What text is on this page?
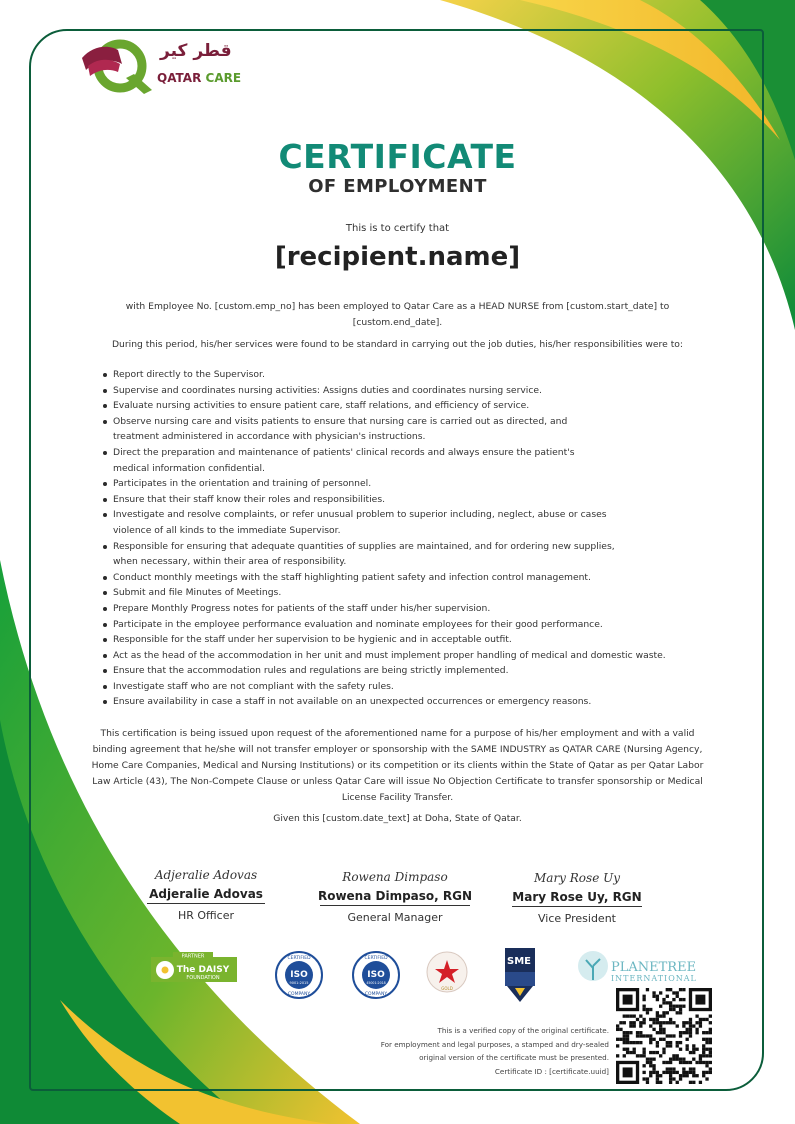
قطر كير
QATAR CARE
CERTIFICATE
OF EMPLOYMENT
This is to certify that
[recipient.name]
with Employee No. [custom.emp_no] has been employed to Qatar Care as a HEAD NURSE from [custom.start_date] to [custom.end_date].
During this period, his/her services were found to be standard in carrying out the job duties, his/her responsibilities were to:
Report directly to the Supervisor.
Supervise and coordinates nursing activities: Assigns duties and coordinates nursing service.
Evaluate nursing activities to ensure patient care, staff relations, and efficiency of service.
Observe nursing care and visits patients to ensure that nursing care is carried out as directed, and treatment administered in accordance with physician's instructions.
Direct the preparation and maintenance of patients' clinical records and always ensure the patient's medical information confidential.
Participates in the orientation and training of personnel.
Ensure that their staff know their roles and responsibilities.
Investigate and resolve complaints, or refer unusual problem to superior including, neglect, abuse or cases violence of all kinds to the immediate Supervisor.
Responsible for ensuring that adequate quantities of supplies are maintained, and for ordering new supplies, when necessary, within their area of responsibility.
Conduct monthly meetings with the staff highlighting patient safety and infection control management.
Submit and file Minutes of Meetings.
Prepare Monthly Progress notes for patients of the staff under his/her supervision.
Participate in the employee performance evaluation and nominate employees for their good performance.
Responsible for the staff under her supervision to be hygienic and in acceptable outfit.
Act as the head of the accommodation in her unit and must implement proper handling of medical and domestic waste.
Ensure that the accommodation rules and regulations are being strictly implemented.
Investigate staff who are not compliant with the safety rules.
Ensure availability in case a staff in not available on an unexpected occurrences or emergency reasons.
This certification is being issued upon request of the aforementioned name for a purpose of his/her employment and with a valid binding agreement that he/she will not transfer employer or sponsorship with the SAME INDUSTRY as QATAR CARE (Nursing Agency, Home Care Companies, Medical and Nursing Institutions) or its competition or its clients within the State of Qatar as per Qatar Labor Law Article (43), The Non-Compete Clause or unless Qatar Care will issue No Objection Certificate to transfer sponsorship or Medical License Facility Transfer.
Given this [custom.date_text] at Doha, State of Qatar.
Adjeralie Adovas
Adjeralie Adovas
HR Officer
Rowena Dimpaso
Rowena Dimpaso, RGN
General Manager
Mary Rose Uy
Mary Rose Uy, RGN
Vice President
PARTNER
The DAISY
FOUNDATION
CERTIFIED
ISO
9001:2015
COMPANY
CERTIFIED
ISO
45001:2018
COMPANY
GOLD
SME	PLANETREE
INTERNATIONAL
This is a verified copy of the original certificate.
For employment and legal purposes, a stamped and dry-sealed
original version of the certificate must be presented.
Certificate ID : [certificate.uuid]
